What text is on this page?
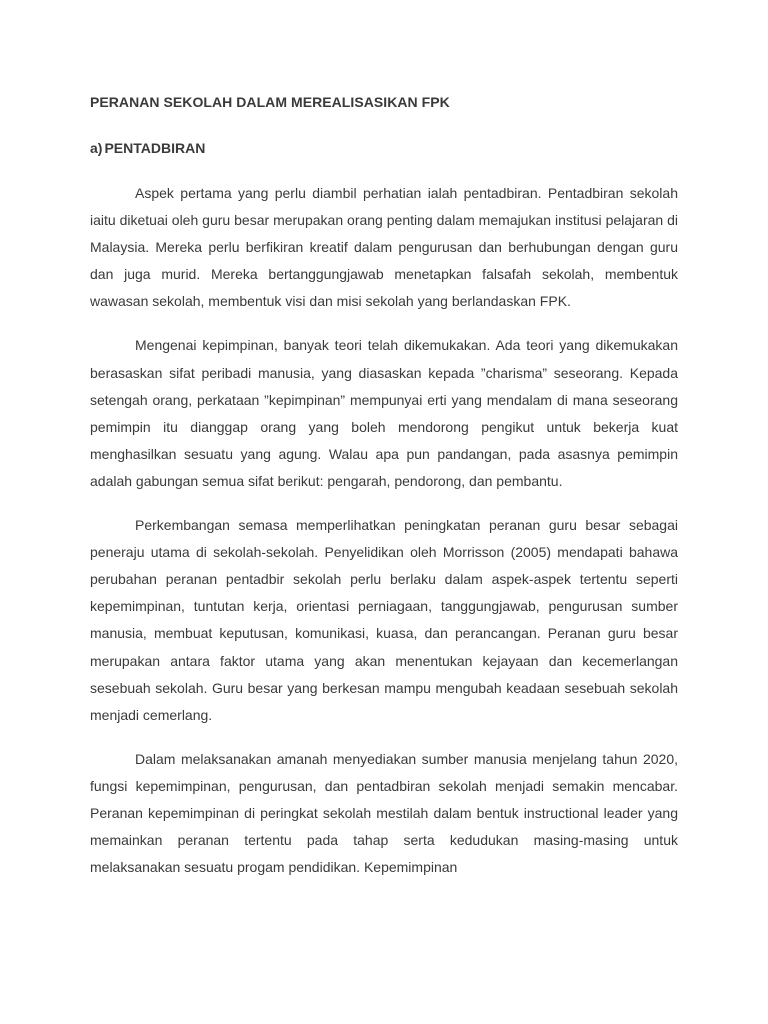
PERANAN SEKOLAH DALAM MEREALISASIKAN FPK
a) PENTADBIRAN

Aspek pertama yang perlu diambil perhatian ialah pentadbiran. Pentadbiran sekolah iaitu diketuai oleh guru besar merupakan orang penting dalam memajukan institusi pelajaran di Malaysia. Mereka perlu berfikiran kreatif dalam pengurusan dan berhubungan dengan guru dan juga murid. Mereka bertanggungjawab menetapkan falsafah sekolah, membentuk wawasan sekolah, membentuk visi dan misi sekolah yang berlandaskan FPK.

Mengenai kepimpinan, banyak teori telah dikemukakan. Ada teori yang dikemukakan berasaskan sifat peribadi manusia, yang diasaskan kepada ”charisma” seseorang. Kepada setengah orang, perkataan ”kepimpinan” mempunyai erti yang mendalam di mana seseorang pemimpin itu dianggap orang yang boleh mendorong pengikut untuk bekerja kuat menghasilkan sesuatu yang agung. Walau apa pun pandangan, pada asasnya pemimpin adalah gabungan semua sifat berikut: pengarah, pendorong, dan pembantu.

Perkembangan semasa memperlihatkan peningkatan peranan guru besar sebagai peneraju utama di sekolah-sekolah. Penyelidikan oleh Morrisson (2005) mendapati bahawa perubahan peranan pentadbir sekolah perlu berlaku dalam aspek-aspek tertentu seperti kepemimpinan, tuntutan kerja, orientasi perniagaan, tanggungjawab, pengurusan sumber manusia, membuat keputusan, komunikasi, kuasa, dan perancangan. Peranan guru besar merupakan antara faktor utama yang akan menentukan kejayaan dan kecemerlangan sesebuah sekolah. Guru besar yang berkesan mampu mengubah keadaan sesebuah sekolah menjadi cemerlang.

Dalam melaksanakan amanah menyediakan sumber manusia menjelang tahun 2020, fungsi kepemimpinan, pengurusan, dan pentadbiran sekolah menjadi semakin mencabar. Peranan kepemimpinan di peringkat sekolah mestilah dalam bentuk instructional leader yang memainkan peranan tertentu pada tahap serta kedudukan masing-masing untuk melaksanakan sesuatu progam pendidikan. Kepemimpinan
